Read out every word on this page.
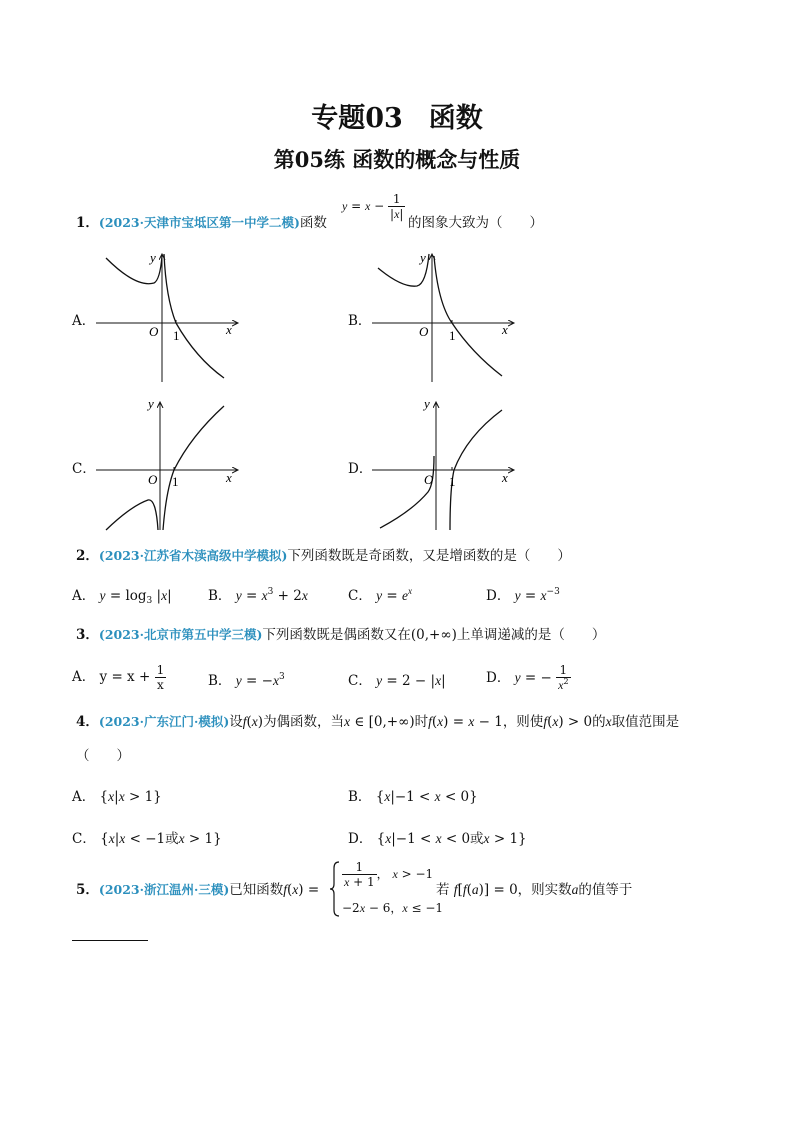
专题03 函数
第05练 函数的概念与性质
1．(2023·天津市宝坻区第一中学二模)函数
$y = x - \frac{1}{|x|}$
的图象大致为（　　）
A．	B．
C．	D．
x
y
O 1	x
y
O 1
x
y
O 1	x
y
O 1
2．(2023·江苏省木渎高级中学模拟)下列函数既是奇函数，又是增函数的是（　　）
A． $y = \log_3 |x|$	B． $y = x^3 + 2x$	C． $y = e^x$	D． $y = x^{-3}$
3．(2023·北京市第五中学三模)下列函数既是偶函数又在(0,+∞)上单调递减的是（　　）
A． $y = x + \frac{1}{x}$	B． $y = -x^3$	C． y = 2 − |x|	D． y = − $\frac{1}{x^2}$
4．(2023·广东江门·模拟)设f(x)为偶函数，当x ∈ [0,+∞)时f(x) = x − 1，则使f(x) > 0的x取值范围是
（　　）
A． {x|x > 1}	B． {x|−1 < x < 0}
C． {x|x < −1或x > 1}	D． {x|−1 < x < 0或x > 1}
5．(2023·浙江温州·三模)已知函数f(x) =
$\frac{1}{x + 1}$ ， x > −1
−2x − 6，x ≤ −1
若 f[f(a)] = 0，则实数a的值等于
